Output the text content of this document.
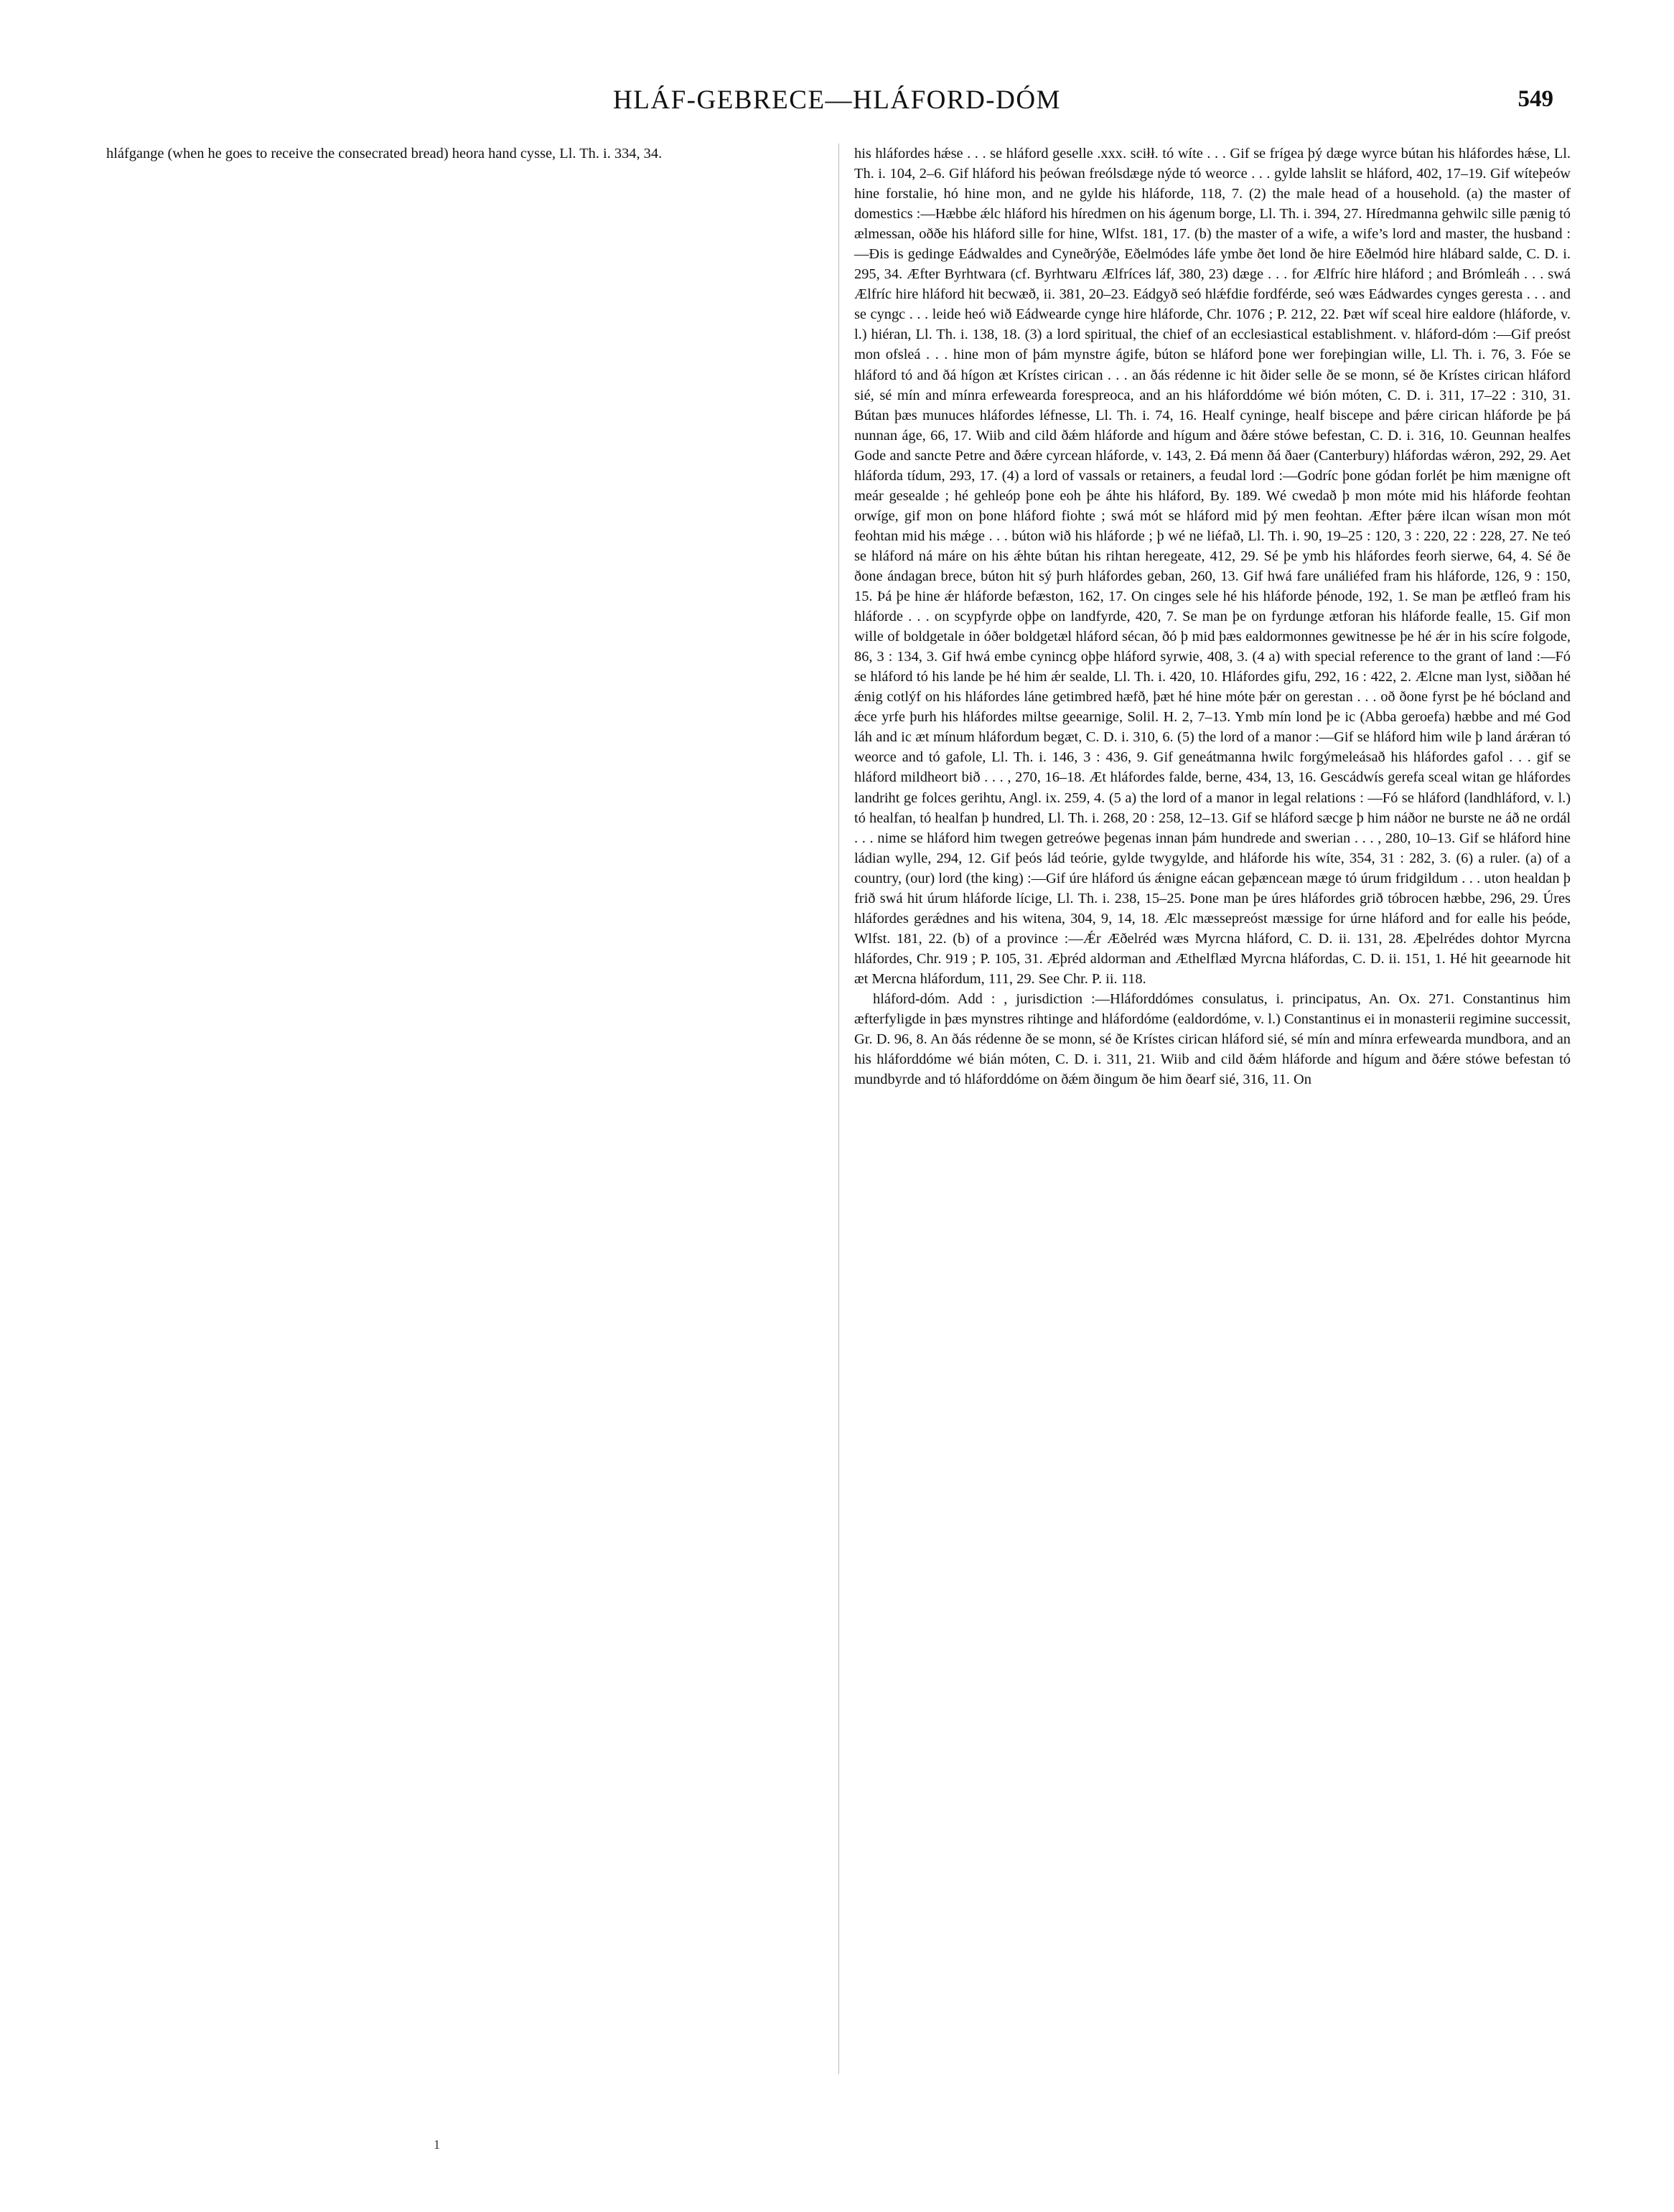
HLÁF-GEBRECE—HLÁFORD-DÓM	549

hláfgange (when he goes to receive the consecrated bread) heora hand cysse, Ll. Th. i. 334, 34.	his hláfordes hǽse . . . se hláford geselle .xxx. sciłł. tó wíte . . . Gif se frígea þý dæge wyrce bútan his hláfordes hǽse, Ll. Th. i. 104, 2–6. Gif hláford his þeówan freólsdæge nýde tó weorce . . . gylde lahslit se hláford, 402, 17–19. Gif wíteþeów hine forstalie, hó hine mon, and ne gylde his hláforde, 118, 7. (2) the male head of a household. (a) the master of domestics :—Hæbbe ǽlc hláford his híredmen on his ágenum borge, Ll. Th. i. 394, 27. Híredmanna gehwilc sille pænig tó ælmessan, oððe his hláford sille for hine, Wlfst. 181, 17. (b) the master of a wife, a wife’s lord and master, the husband :—Ðis is gedinge Eádwaldes and Cyneðrýðe, Eðelmódes láfe ymbe ðet lond ðe hire Eðelmód hire hlábard salde, C. D. i. 295, 34. Æfter Byrhtwara (cf. Byrhtwaru Ælfríces láf, 380, 23) dæge . . . for Ælfríc hire hláford ; and Brómleáh . . . swá Ælfríc hire hláford hit becwæð, ii. 381, 20–23. Eádgyð seó hlǽfdie fordférde, seó wæs Eádwardes cynges geresta . . . and se cyngc . . . leide heó wið Eádwearde cynge hire hláforde, Chr. 1076 ; P. 212, 22. Þæt wíf sceal hire ealdore (hláforde, v. l.) hiéran, Ll. Th. i. 138, 18. (3) a lord spiritual, the chief of an ecclesiastical establishment. v. hláford-dóm :—Gif preóst mon ofsleá . . . hine mon of þám mynstre ágife, búton se hláford þone wer foreþingian wille, Ll. Th. i. 76, 3. Fóe se hláford tó and ðá hígon æt Krístes cirican . . . an ðás rédenne ic hit ðider selle ðe se monn, sé ðe Krístes cirican hláford sié, sé mín and mínra erfewearda forespreoca, and an his hláforddóme wé bión móten, C. D. i. 311, 17–22 : 310, 31. Bútan þæs munuces hláfordes léfnesse, Ll. Th. i. 74, 16. Healf cyninge, healf biscepe and þǽre cirican hláforde þe þá nunnan áge, 66, 17. Wiib and cild ðǽm hláforde and hígum and ðǽre stówe befestan, C. D. i. 316, 10. Geunnan healfes Gode and sancte Petre and ðǽre cyrcean hláforde, v. 143, 2. Ðá menn ðá ðaer (Canterbury) hláfordas wǽron, 292, 29. Aet hláforda tídum, 293, 17. (4) a lord of vassals or retainers, a feudal lord :—Godríc þone gódan forlét þe him mænigne oft meár gesealde ; hé gehleóp þone eoh þe áhte his hláford, By. 189. Wé cwedað þ mon móte mid his hláforde feohtan orwíge, gif mon on þone hláford fiohte ; swá mót se hláford mid þý men feohtan. Æfter þǽre ilcan wísan mon mót feohtan mid his mǽge . . . búton wið his hláforde ; þ wé ne liéfað, Ll. Th. i. 90, 19–25 : 120, 3 : 220, 22 : 228, 27. Ne teó se hláford ná máre on his ǽhte bútan his rihtan heregeate, 412, 29. Sé þe ymb his hláfordes feorh sierwe, 64, 4. Sé ðe ðone ándagan brece, búton hit sý þurh hláfordes geban, 260, 13. Gif hwá fare unáliéfed fram his hláforde, 126, 9 : 150, 15. Þá þe hine ǽr hláforde befæston, 162, 17. On cinges sele hé his hláforde þénode, 192, 1. Se man þe ætfleó fram his hláforde . . . on scypfyrde oþþe on landfyrde, 420, 7. Se man þe on fyrdunge ætforan his hláforde fealle, 15. Gif mon wille of boldgetale in óðer boldgetæl hláford sécan, ðó þ mid þæs ealdormonnes gewitnesse þe hé ǽr in his scíre folgode, 86, 3 : 134, 3. Gif hwá embe cynincg oþþe hláford syrwie, 408, 3. (4 a) with special reference to the grant of land :—Fó se hláford tó his lande þe hé him ǽr sealde, Ll. Th. i. 420, 10. Hláfordes gifu, 292, 16 : 422, 2. Ælcne man lyst, siððan hé ǽnig cotlýf on his hláfordes láne getimbred hæfð, þæt hé hine móte þǽr on gerestan . . . oð ðone fyrst þe hé bócland and ǽce yrfe þurh his hláfordes miltse geearnige, Solil. H. 2, 7–13. Ymb mín lond þe ic (Abba geroefa) hæbbe and mé God láh and ic æt mínum hláfordum begæt, C. D. i. 310, 6. (5) the lord of a manor :—Gif se hláford him wile þ land árǽran tó weorce and tó gafole, Ll. Th. i. 146, 3 : 436, 9. Gif geneátmanna hwilc forgýmeleásað his hláfordes gafol . . . gif se hláford mildheort bið . . . , 270, 16–18. Æt hláfordes falde, berne, 434, 13, 16. Gescádwís gerefa sceal witan ge hláfordes landriht ge folces gerihtu, Angl. ix. 259, 4. (5 a) the lord of a manor in legal relations : —Fó se hláford (landhláford, v. l.) tó healfan, tó healfan þ hundred, Ll. Th. i. 268, 20 : 258, 12–13. Gif se hláford sæcge þ him náðor ne burste ne áð ne ordál . . . nime se hláford him twegen getreówe þegenas innan þám hundrede and swerian . . . , 280, 10–13. Gif se hláford hine ládian wylle, 294, 12. Gif þeós lád teórie, gylde twygylde, and hláforde his wíte, 354, 31 : 282, 3. (6) a ruler. (a) of a country, (our) lord (the king) :—Gif úre hláford ús ǽnigne eácan geþæncean mæge tó úrum fridgildum . . . uton healdan þ frið swá hit úrum hláforde lícige, Ll. Th. i. 238, 15–25. Þone man þe úres hláfordes grið tóbrocen hæbbe, 296, 29. Úres hláfordes gerǽdnes and his witena, 304, 9, 14, 18. Ælc mæssepreóst mæssige for úrne hláford and for ealle his þeóde, Wlfst. 181, 22. (b) of a province :—Ǽr Æðelréd wæs Myrcna hláford, C. D. ii. 131, 28. Æþelrédes dohtor Myrcna hláfordes, Chr. 919 ; P. 105, 31. Æþréd aldorman and Æthelflæd Myrcna hláfordas, C. D. ii. 151, 1. Hé hit geearnode hit æt Mercna hláfordum, 111, 29. See Chr. P. ii. 118.

hláford-dóm. Add : , jurisdiction :—Hláforddómes consulatus, i. principatus, An. Ox. 271. Constantinus him æfterfyligde in þæs mynstres rihtinge and hláfordóme (ealdordóme, v. l.) Constantinus ei in monasterii regimine successit, Gr. D. 96, 8. An ðás rédenne ðe se monn, sé ðe Krístes cirican hláford sié, sé mín and mínra erfewearda mundbora, and an his hláforddóme wé bián móten, C. D. i. 311, 21. Wiib and cild ðǽm hláforde and hígum and ðǽre stówe befestan tó mundbyrde and tó hláforddóme on ðǽm ðingum ðe him ðearf sié, 316, 11. On

1
